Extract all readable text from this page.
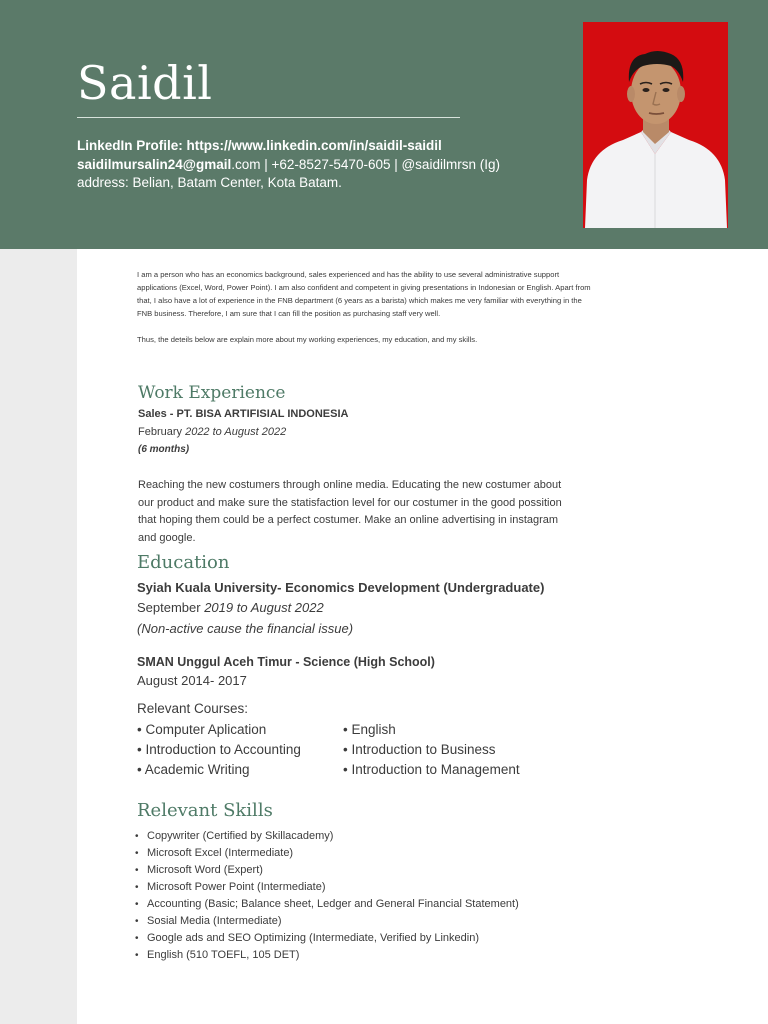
Saidil
LinkedIn Profile: https://www.linkedin.com/in/saidil-saidil
saidilmursalin24@gmail.com | +62-8527-5470-605 | @saidilmrsn (Ig)
address: Belian, Batam Center, Kota Batam.

I am a person who has an economics background, sales experienced and has the ability to use several administrative support applications (Excel, Word, Power Point). I am also confident and competent in giving presentations in Indonesian or English. Apart from that, I also have a lot of experience in the FNB department (6 years as a barista) which makes me very familiar with everything in the FNB business. Therefore, I am sure that I can fill the position as purchasing staff very well.

Thus, the deteils below are explain more about my working experiences, my education, and my skills.

Work Experience
Sales - PT. BISA ARTIFISIAL INDONESIA
February 2022 to August 2022
(6 months)
Reaching the new costumers through online media. Educating the new costumer about our product and make sure the statisfaction level for our costumer in the good possition that hoping them could be a perfect costumer. Make an online advertising in instagram and google.
Education
Syiah Kuala University- Economics Development (Undergraduate)
September 2019 to August 2022
(Non-active cause the financial issue)
SMAN Unggul Aceh Timur - Science (High School)
August 2014- 2017
Relevant Courses:
• Computer Aplication	• English
• Introduction to Accounting	• Introduction to Business
• Academic Writing	• Introduction to Management
Relevant Skills
• Copywriter (Certified by Skillacademy)
• Microsoft Excel (Intermediate)
• Microsoft Word (Expert)
• Microsoft Power Point (Intermediate)
• Accounting (Basic; Balance sheet, Ledger and General Financial Statement)
• Sosial Media (Intermediate)
• Google ads and SEO Optimizing (Intermediate, Verified by Linkedin)
• English (510 TOEFL, 105 DET)
